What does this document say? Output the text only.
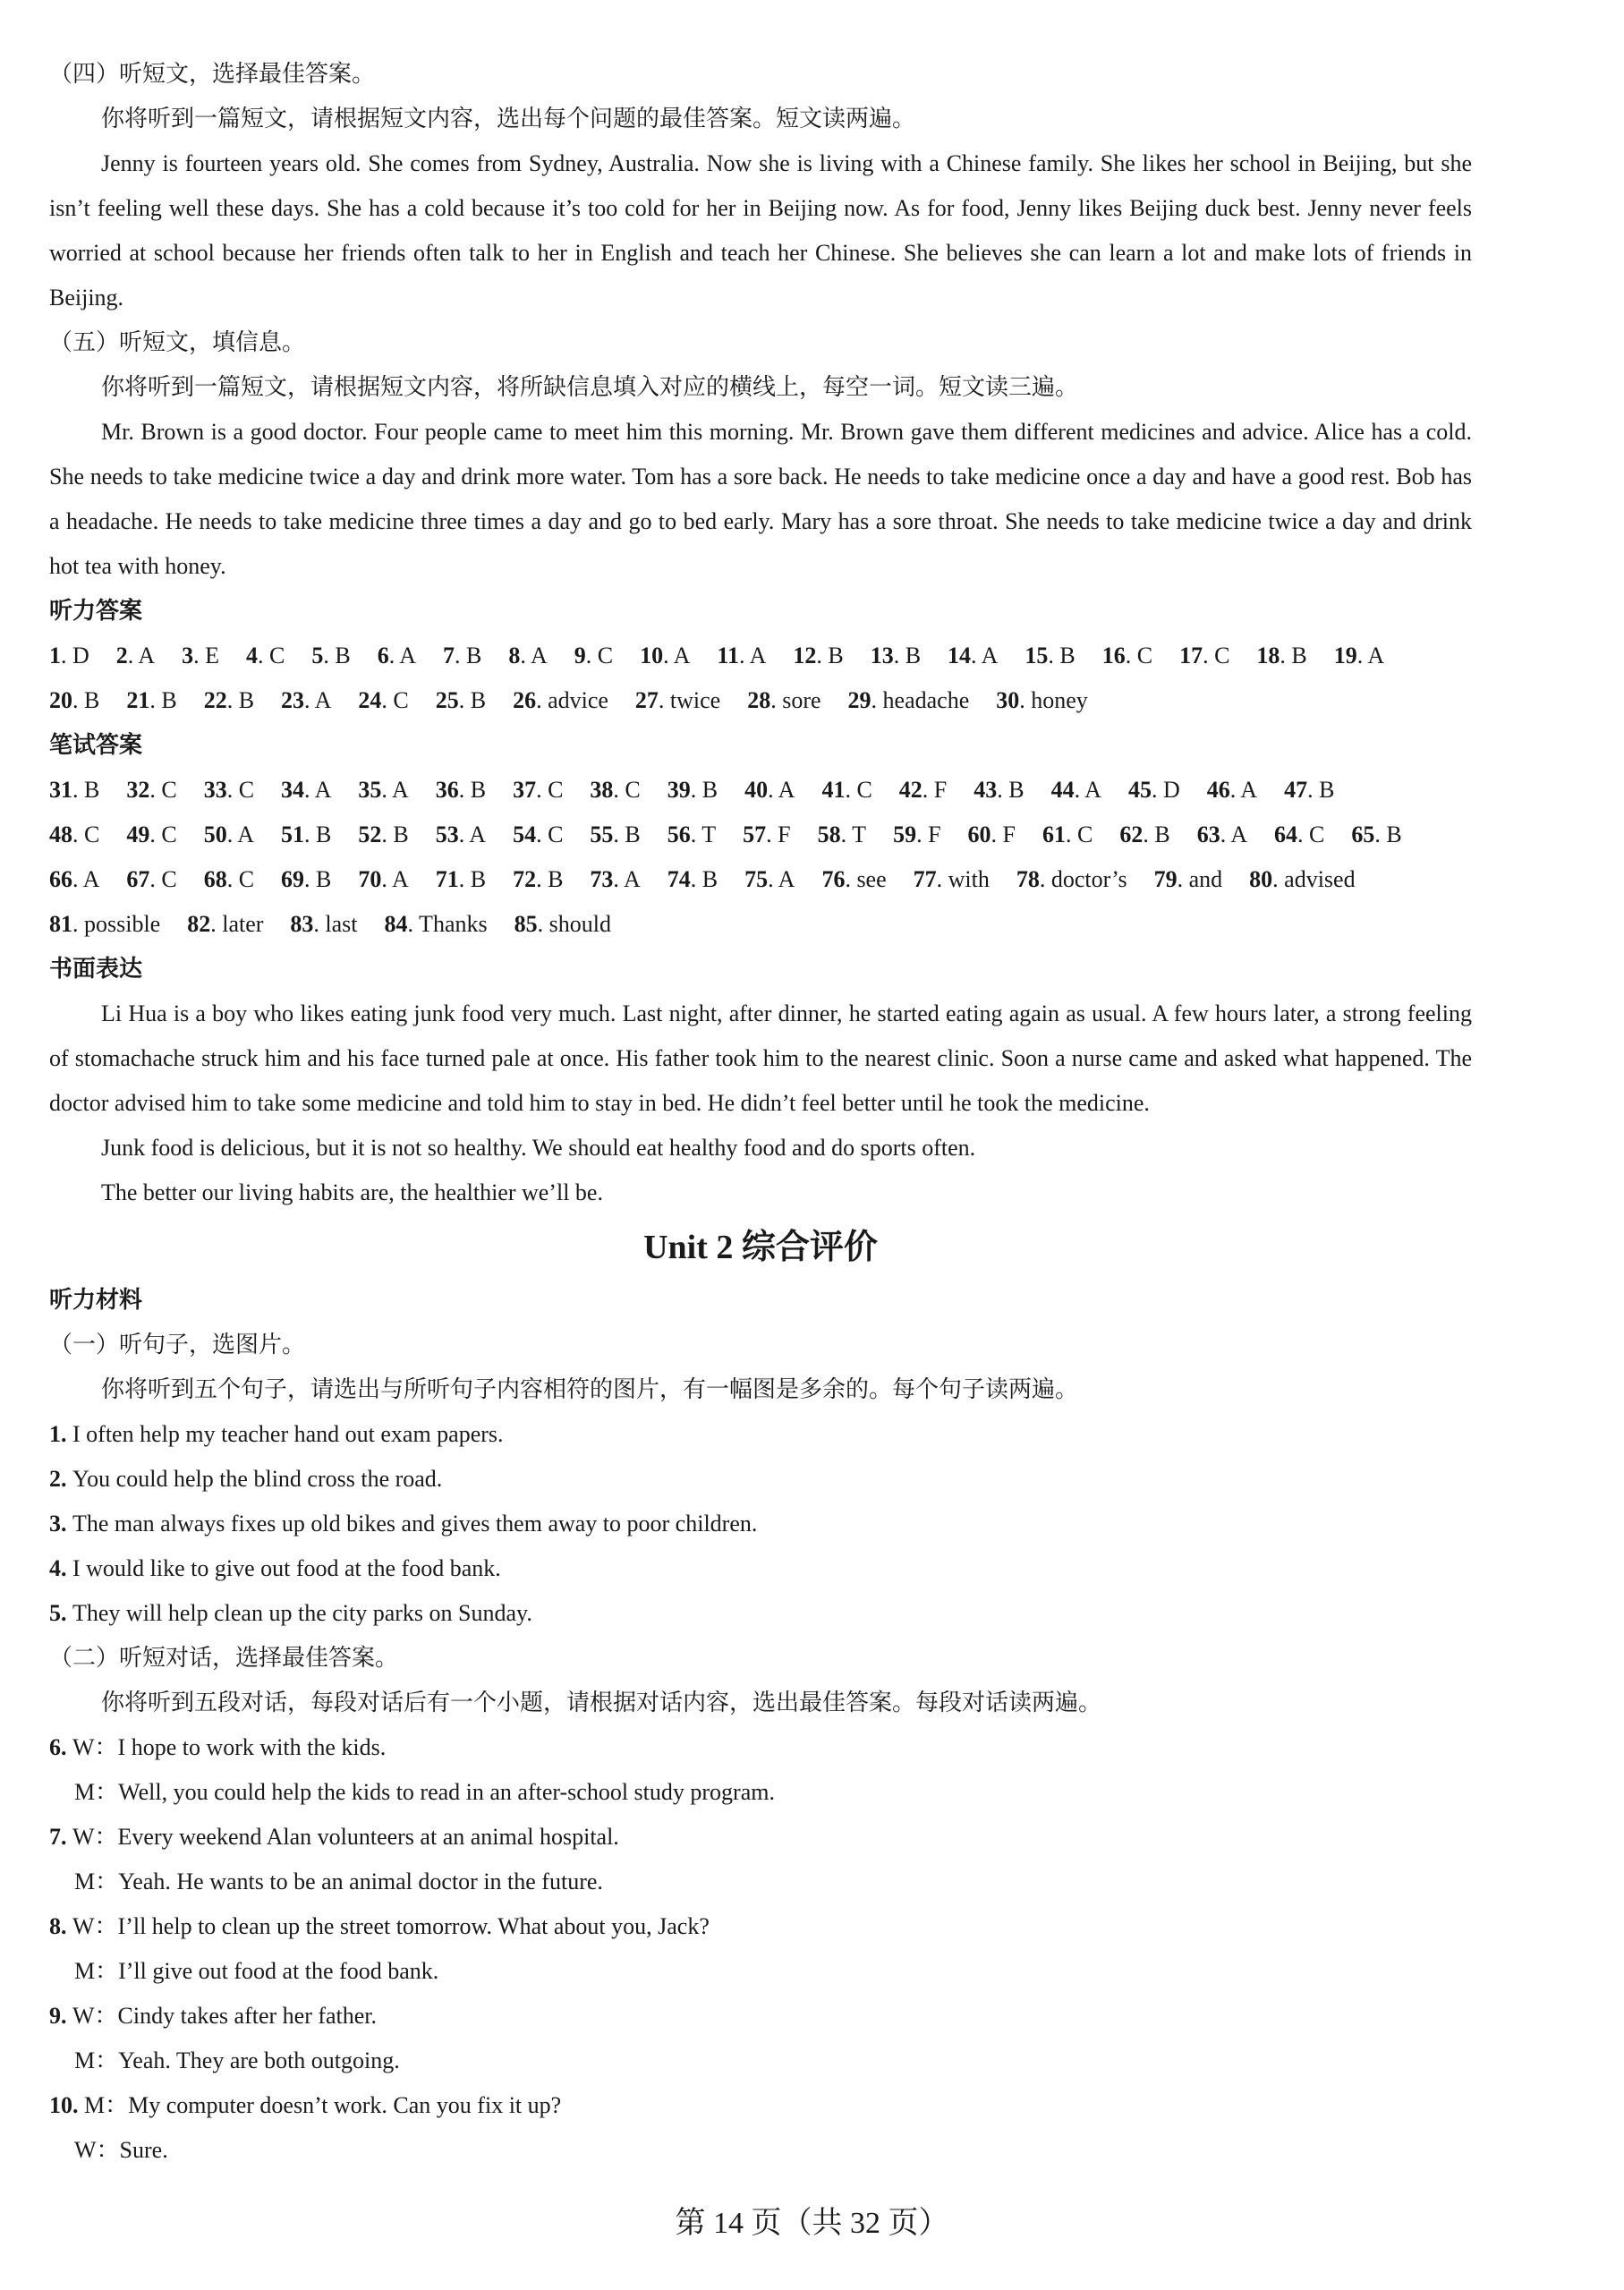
（四）听短文，选择最佳答案。

你将听到一篇短文，请根据短文内容，选出每个问题的最佳答案。短文读两遍。

Jenny is fourteen years old. She comes from Sydney, Australia. Now she is living with a Chinese family. She likes her school in Beijing, but she isn’t feeling well these days. She has a cold because it’s too cold for her in Beijing now. As for food, Jenny likes Beijing duck best. Jenny never feels worried at school because her friends often talk to her in English and teach her Chinese. She believes she can learn a lot and make lots of friends in Beijing.

（五）听短文，填信息。

你将听到一篇短文，请根据短文内容，将所缺信息填入对应的横线上，每空一词。短文读三遍。

Mr. Brown is a good doctor. Four people came to meet him this morning. Mr. Brown gave them different medicines and advice. Alice has a cold. She needs to take medicine twice a day and drink more water. Tom has a sore back. He needs to take medicine once a day and have a good rest. Bob has a headache. He needs to take medicine three times a day and go to bed early. Mary has a sore throat. She needs to take medicine twice a day and drink hot tea with honey.

听力答案

1. D 2. A 3. E 4. C 5. B 6. A 7. B 8. A 9. C 10. A 11. A 12. B 13. B 14. A 15. B 16. C 17. C 18. B 19. A
20. B 21. B 22. B 23. A 24. C 25. B 26. advice 27. twice 28. sore 29. headache 30. honey

笔试答案

31. B 32. C 33. C 34. A 35. A 36. B 37. C 38. C 39. B 40. A 41. C 42. F 43. B 44. A 45. D 46. A 47. B
48. C 49. C 50. A 51. B 52. B 53. A 54. C 55. B 56. T 57. F 58. T 59. F 60. F 61. C 62. B 63. A 64. C 65. B
66. A 67. C 68. C 69. B 70. A 71. B 72. B 73. A 74. B 75. A 76. see 77. with 78. doctor’s 79. and 80. advised
81. possible 82. later 83. last 84. Thanks 85. should

书面表达

Li Hua is a boy who likes eating junk food very much. Last night, after dinner, he started eating again as usual. A few hours later, a strong feeling of stomachache struck him and his face turned pale at once. His father took him to the nearest clinic. Soon a nurse came and asked what happened. The doctor advised him to take some medicine and told him to stay in bed. He didn’t feel better until he took the medicine.

Junk food is delicious, but it is not so healthy. We should eat healthy food and do sports often.

The better our living habits are, the healthier we’ll be.

Unit 2 综合评价

听力材料

（一）听句子，选图片。

你将听到五个句子，请选出与所听句子内容相符的图片，有一幅图是多余的。每个句子读两遍。

1. I often help my teacher hand out exam papers.

2. You could help the blind cross the road.

3. The man always fixes up old bikes and gives them away to poor children.

4. I would like to give out food at the food bank.

5. They will help clean up the city parks on Sunday.

（二）听短对话，选择最佳答案。

你将听到五段对话，每段对话后有一个小题，请根据对话内容，选出最佳答案。每段对话读两遍。

6. W：I hope to work with the kids.

M：Well, you could help the kids to read in an after-school study program.

7. W：Every weekend Alan volunteers at an animal hospital.

M：Yeah. He wants to be an animal doctor in the future.

8. W：I’ll help to clean up the street tomorrow. What about you, Jack?

M：I’ll give out food at the food bank.

9. W：Cindy takes after her father.

M：Yeah. They are both outgoing.

10. M：My computer doesn’t work. Can you fix it up?

W：Sure.

第 14 页（共 32 页）
